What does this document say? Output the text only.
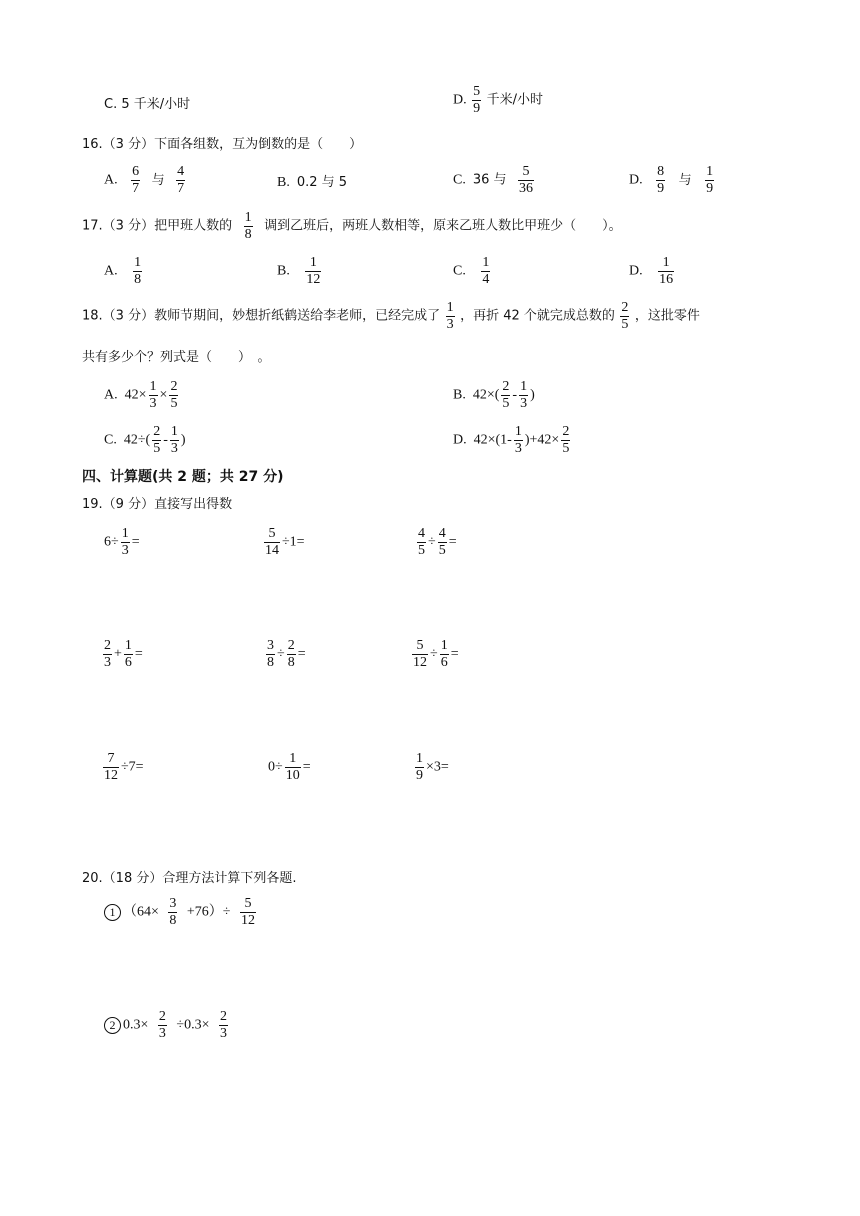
C. 5 千米/小时	D. $\frac{5}{9}$ 千米/小时
16.（3 分）下面各组数，互为倒数的是（　　）
A. $\frac{6}{7}$ 与 $\frac{4}{7}$	B. 0.2 与 5	C. 36 与 $\frac{5}{36}$	D. $\frac{8}{9}$ 与 $\frac{1}{9}$
17.（3 分）把甲班人数的 $\frac{1}{8}$ 调到乙班后，两班人数相等，原来乙班人数比甲班少（　　）。
A. $\frac{1}{8}$	B. $\frac{1}{12}$	C. $\frac{1}{4}$	D. $\frac{1}{16}$
18.（3 分）教师节期间，妙想折纸鹤送给李老师，已经完成了 $\frac{1}{3}$ ，再折 42 个就完成总数的 $\frac{2}{5}$ ，这批零件
共有多少个？列式是（　　）　。
A. $42\times \frac{1}{3} \times \frac{2}{5}$	B. $42\times( \frac{2}{5} - \frac{1}{3}$ )
C. $42\div( \frac{2}{5} - \frac{1}{3}$ )	D. $42\times(1- \frac{1}{3} )+42\times \frac{2}{5}$
四、计算题(共 2 题；共 27 分)
19.（9 分）直接写出得数
$6\div \frac{1}{3}$ =	$\frac{5}{14} \div 1=$	$\frac{4}{5} \div \frac{4}{5}$ =
$\frac{2}{3} + \frac{1}{6}$ =	$\frac{3}{8} \div \frac{2}{8}$ =	$\frac{5}{12} \div \frac{1}{6}$ =
$\frac{7}{12} \div 7=$	$0\div \frac{1}{10}$ =	$\frac{1}{9} \times 3=$
20.（18 分）合理方法计算下列各题.
1 $(64\times \frac{3}{8} +76)\div \frac{5}{12}$
2 $0.3\times \frac{2}{3} \div 0.3\times \frac{2}{3}$
